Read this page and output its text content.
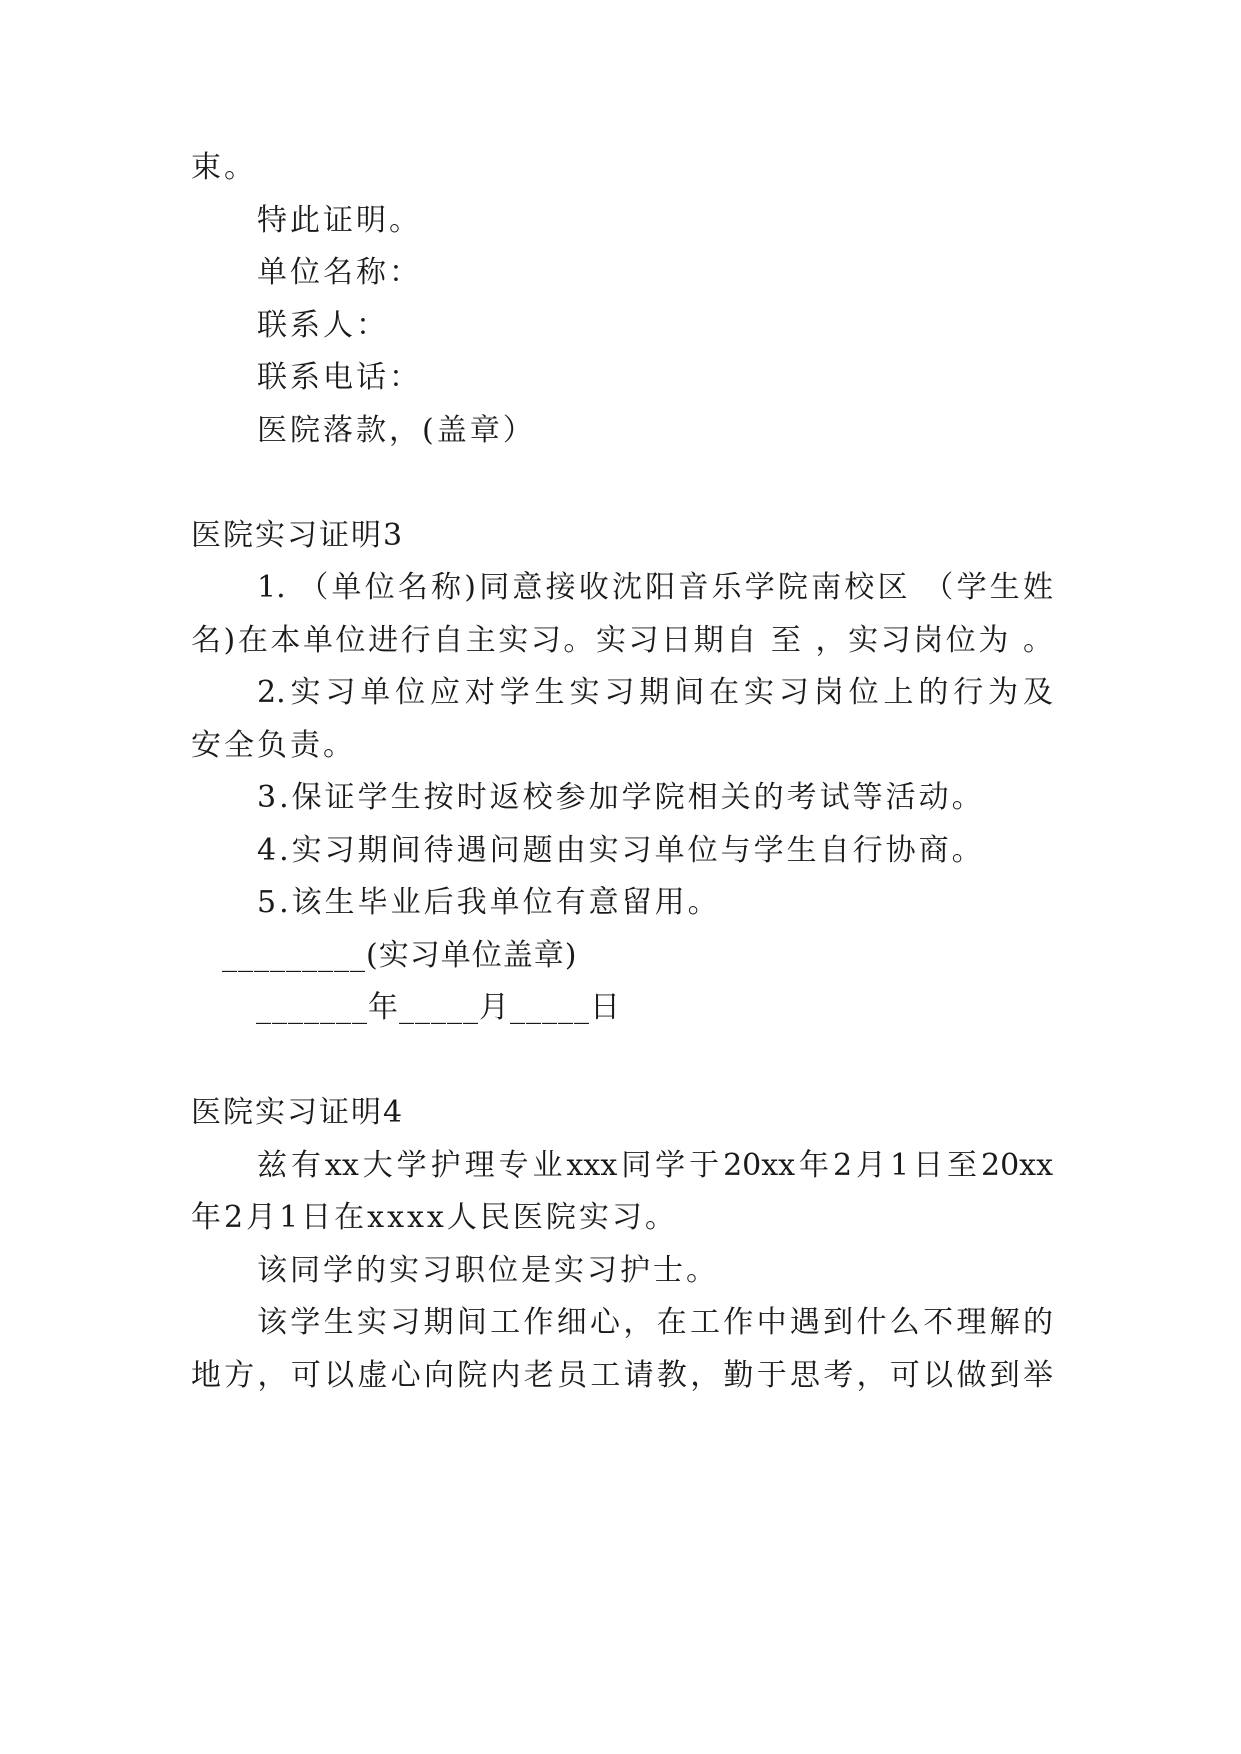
束。
特此证明。
单位名称：
联系人：
联系电话：
医院落款，(盖章）
医院实习证明3
1. （单位名称)同意接收沈阳音乐学院南校区 （学生姓
名)在本单位进行自主实习。实习日期自 至 ，实习岗位为 。
2.实习单位应对学生实习期间在实习岗位上的行为及
安全负责。
3.保证学生按时返校参加学院相关的考试等活动。
4.实习期间待遇问题由实习单位与学生自行协商。
5.该生毕业后我单位有意留用。
_________(实习单位盖章)
_______年_____月_____日
医院实习证明4
兹有xx大学护理专业xxx同学于20xx年2月1日至20xx
年2月1日在xxxx人民医院实习。
该同学的实习职位是实习护士。
该学生实习期间工作细心，在工作中遇到什么不理解的
地方，可以虚心向院内老员工请教，勤于思考，可以做到举
